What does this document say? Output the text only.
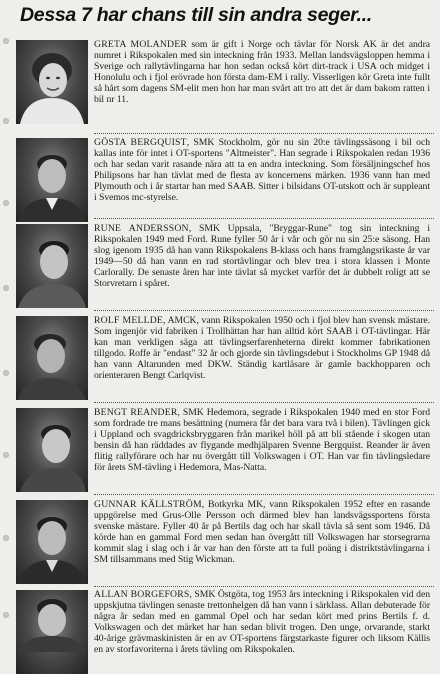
Dessa 7 har chans till sin andra seger...

GRETA MOLANDER som är gift i Norge och tävlar för Norsk AK är det andra numret i Rikspokalen med sin inteckning från 1933. Mellan landsvägsloppen hemma i Sverige och rallytävlingarna har hon sedan också kört dirt-track i USA och midget i Honolulu och i fjol erövrade hon första dam-EM i rally. Visserligen kör Greta inte fullt så hårt som dagens SM-elit men hon har man svårt att tro att det är dam bakom ratten i bil nr 11.

GÖSTA BERGQUIST, SMK Stockholm, gör nu sin 20:e tävlingssäsong i bil och kallas inte för intet i OT-sportens "Altmeister". Han segrade i Rikspokalen redan 1936 och har sedan varit rasande nära att ta en andra inteckning. Som försäljningschef hos Philipsons har han tävlat med de flesta av koncernens märken. 1936 vann han med Plymouth och i år startar han med SAAB. Sitter i bilsidans OT-utskott och är suppleant i Svemos mc-styrelse.

RUNE ANDERSSON, SMK Uppsala, "Bryggar-Rune" tog sin inteckning i Rikspokalen 1949 med Ford. Rune fyller 50 år i vår och gör nu sin 25:e säsong. Han slog igenom 1935 då han vann Rikspokalens B-klass och hans framgångsrikaste år var 1949—50 då han vann en rad stortävlingar och blev trea i stora klassen i Monte Carlorally. De senaste åren har inte tävlat så mycket varför det är dubbelt roligt att se Storvretarn i spåret.

ROLF MELLDE, AMCK, vann Rikspokalen 1950 och i fjol blev han svensk mästare. Som ingenjör vid fabriken i Trollhättan har han alltid kört SAAB i OT-tävlingar. Här kan man verkligen säga att tävlingserfarenheterna direkt kommer fabrikationen tillgodo. Roffe är "endast" 32 år och gjorde sin tävlingsdebut i Stockholms GP 1948 då han vann Altarunden med DKW. Ständig kartläsare är gamle backhopparen och orienteraren Bengt Carlqvist.

BENGT REANDER, SMK Hedemora, segrade i Rikspokalen 1940 med en stor Ford som fordrade tre mans besättning (numera får det bara vara två i bilen). Tävlingen gick i Uppland och svagdricksbryggaren från marikel höll på att bli stående i skogen utan bensin då han räddades av flygande medhjälparen Svenne Bergquist. Reander är även flitig rallyförare och har nu övergått till Volkswagen i OT. Han var fin tävlingsledare för årets SM-tävling i Hedemora, Mas-Natta.

GUNNAR KÄLLSTRÖM, Botkyrka MK, vann Rikspokalen 1952 efter en rasande uppgörelse med Grus-Olle Persson och därmed blev han landsvägssportens första svenske mästare. Fyller 40 år på Bertils dag och har skall tävla så sent som 1946. Då körde han en gammal Ford men sedan han övergått till Volkswagen har storsegrarna kommit slag i slag och i år var han den förste att ta full poäng i distriktstävlingarna i SM tillsammans med Stig Wickman.

ALLAN BORGEFORS, SMK Östgöta, tog 1953 års inteckning i Rikspokalen vid den uppskjutna tävlingen senaste trettonhelgen då han vann i särklass. Allan debuterade för några år sedan med en gammal Opel och har sedan kört med prins Bertils f. d. Volkswagen och det märket har han sedan blivit trogen. Den unge, orvarande, starkt 40-årige grävmaskinisten är en av OT-sportens färgstarkaste figurer och liksom Källis en av storfavoriterna i årets tävling om Rikspokalen.
